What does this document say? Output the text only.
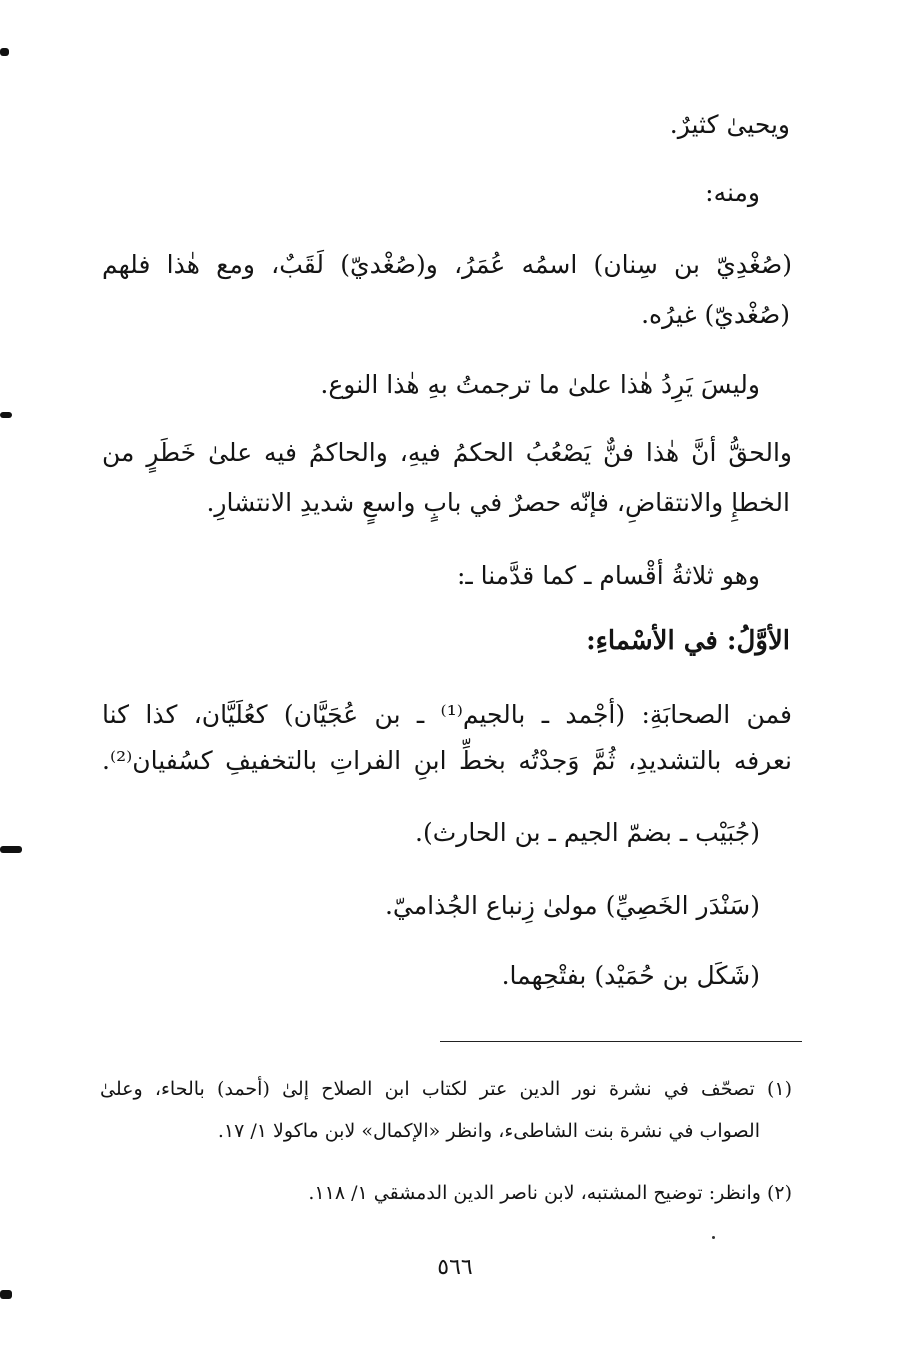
ويحيىٰ كثيرٌ.
ومنه:
(صُغْدِيّ بن سِنان) اسمُه عُمَرُ، و(صُغْديّ) لَقَبٌ، ومع هٰذا فلهم
(صُغْديّ) غيرُه.
وليسَ يَرِدُ هٰذا علىٰ ما ترجمتُ بهِ هٰذا النوع.
والحقُّ أنَّ هٰذا فنٌّ يَصْعُبُ الحكمُ فيهِ، والحاكمُ فيه علىٰ خَطَرٍ من
الخطإِ والانتقاضِ، فإنّه حصرٌ في بابٍ واسعٍ شديدِ الانتشارِ.
وهو ثلاثةُ أقْسام ـ كما قدَّمنا ـ:
الأوَّلُ: في الأسْماءِ:
فمن الصحابَةِ: (أجْمد ـ بالجيم⁽¹⁾ ـ بن عُجَيَّان) كعُلَيَّان، كذا كنا
نعرفه بالتشديدِ، ثُمَّ وَجدْتُه بخطِّ ابنِ الفراتِ بالتخفيفِ كسُفيان⁽²⁾.
(جُبَيْب ـ بضمّ الجيم ـ بن الحارث).
(سَنْدَر الخَصِيِّ) مولىٰ زِنباع الجُذاميّ.
(شَكَل بن حُمَيْد) بفتْحِهما.
(١) تصحّف في نشرة نور الدين عتر لكتاب ابن الصلاح إلىٰ (أحمد) بالحاء، وعلىٰ
الصواب في نشرة بنت الشاطىء، وانظر «الإكمال» لابن ماكولا ١/ ١٧.
(٢) وانظر: توضيح المشتبه، لابن ناصر الدين الدمشقي ١/ ١١٨.
٥٦٦
